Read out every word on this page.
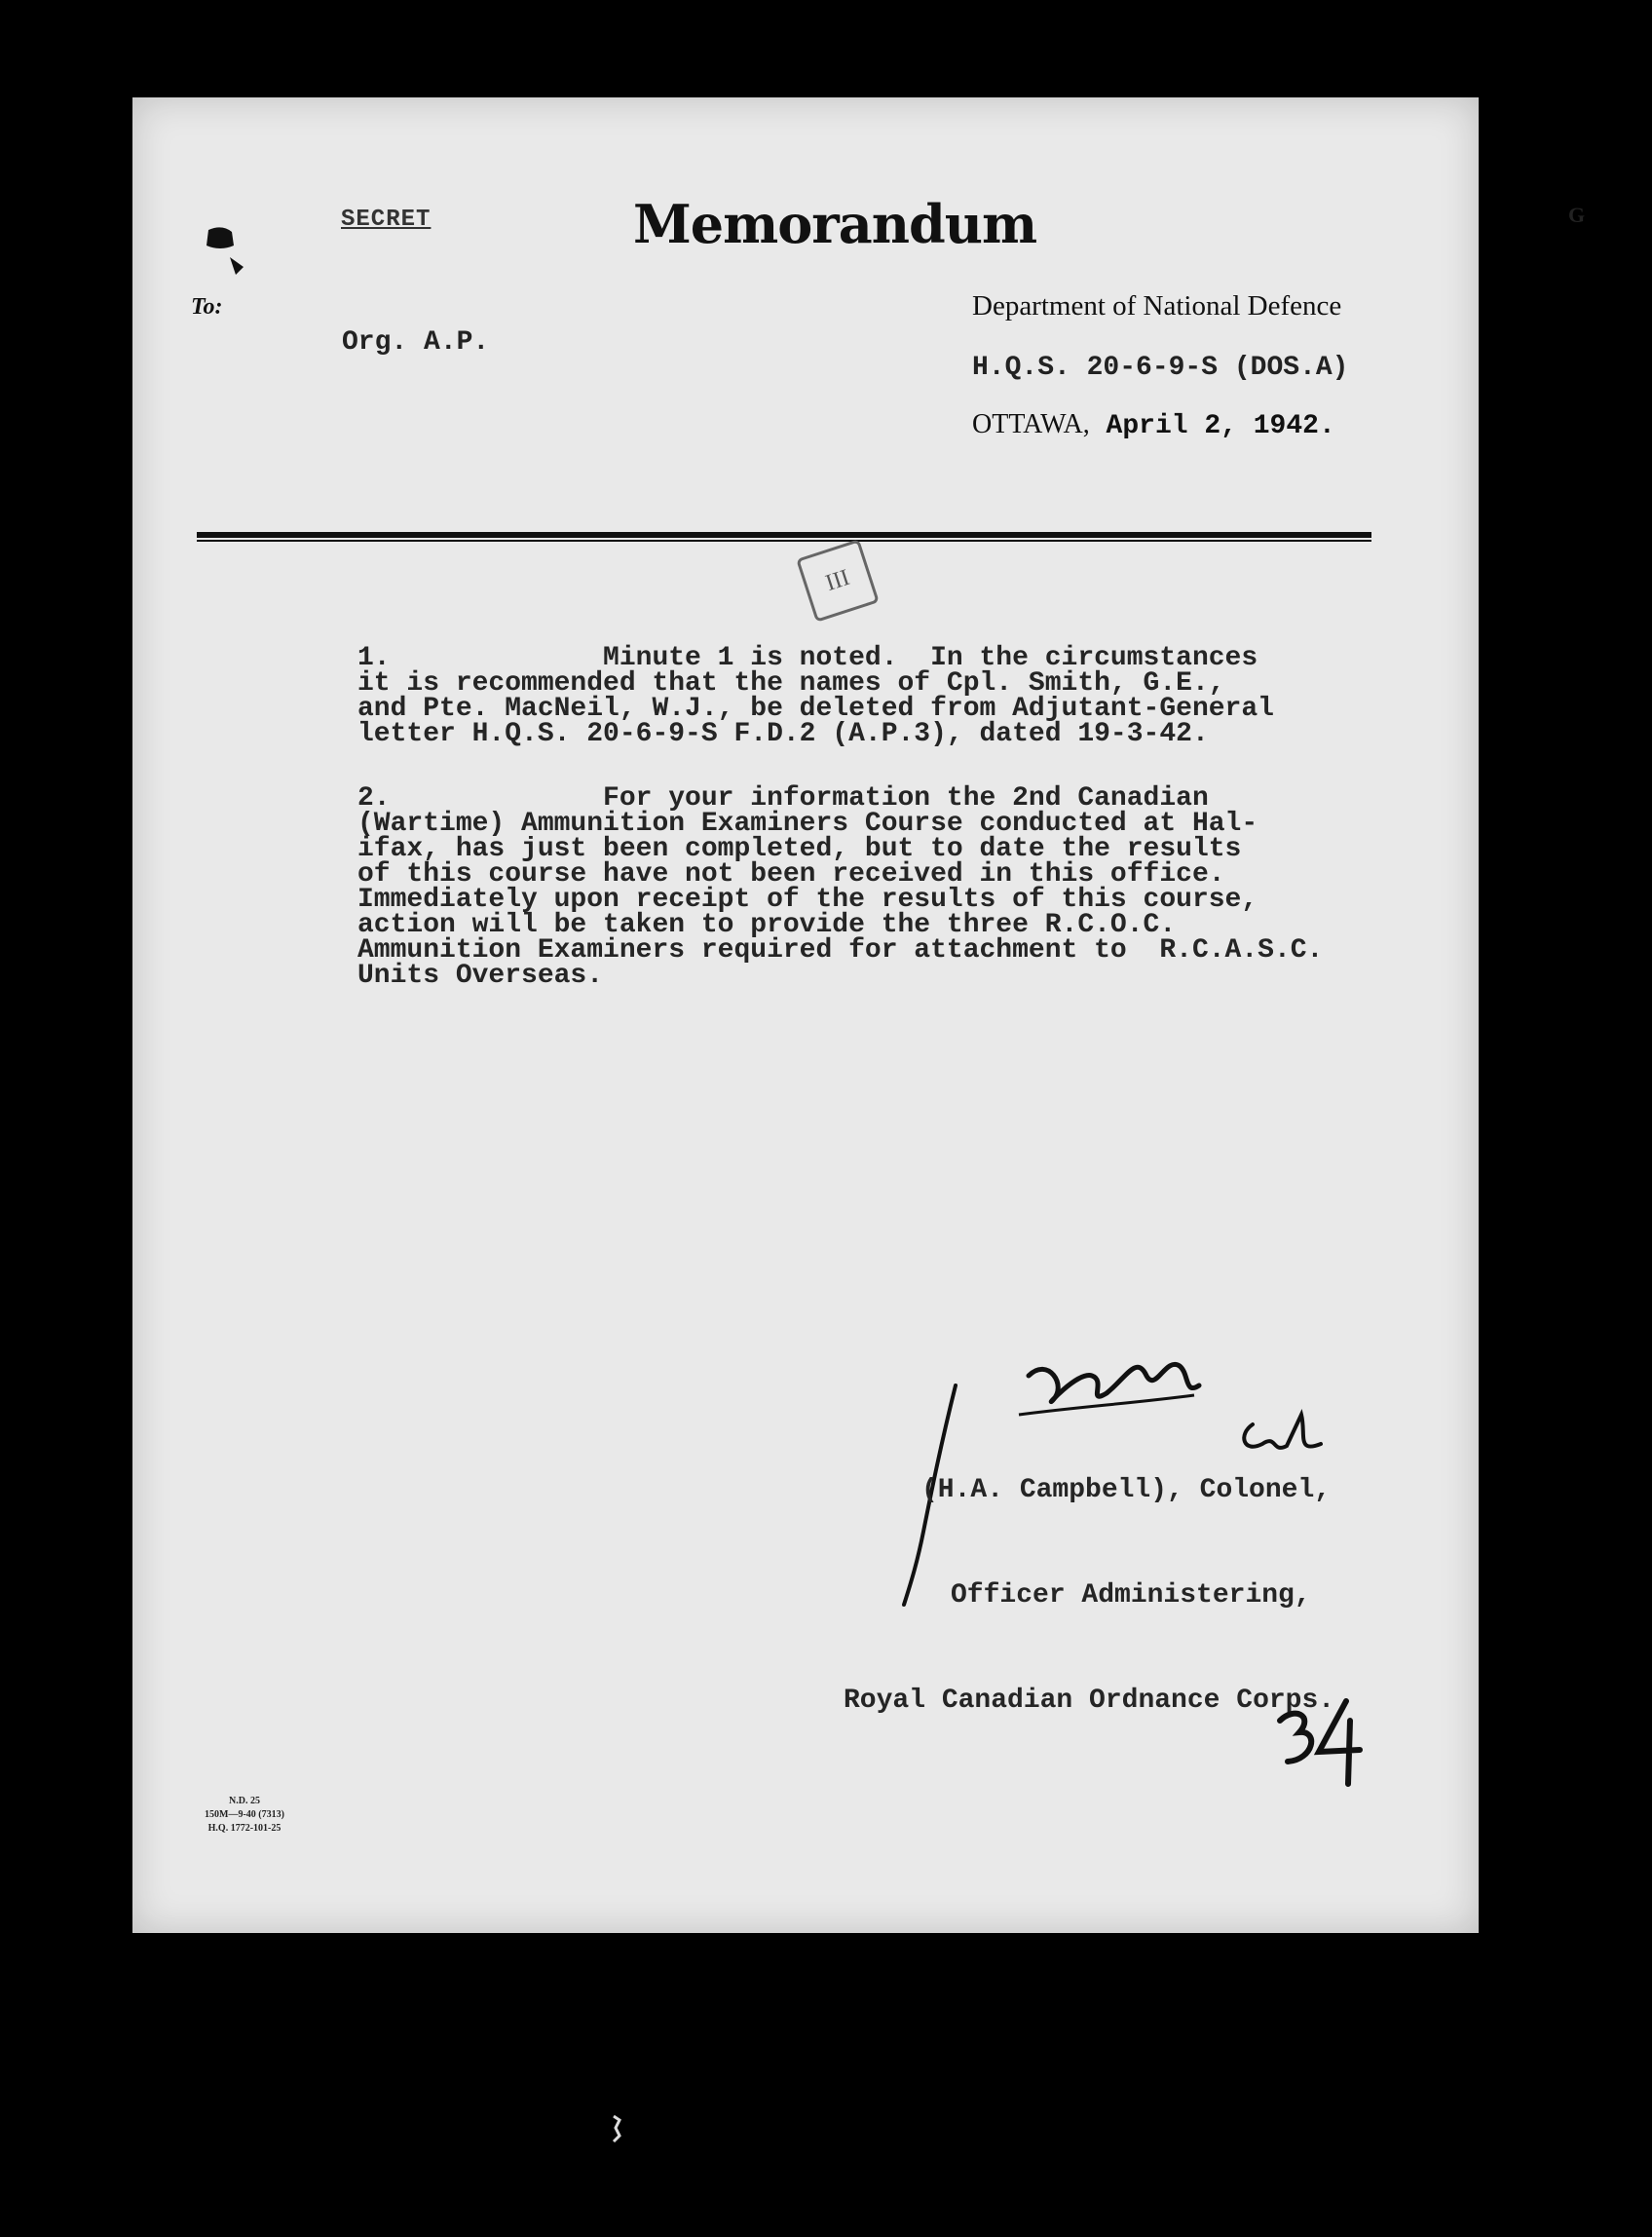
G
SECRET	Memorandum
To:
Org. A.P.
Department of National Defence
H.Q.S. 20-6-9-S (DOS.A)
OTTAWA, April 2, 1942.
III
1.             Minute 1 is noted.  In the circumstances
it is recommended that the names of Cpl. Smith, G.E.,
and Pte. MacNeil, W.J., be deleted from Adjutant-General
letter H.Q.S. 20-6-9-S F.D.2 (A.P.3), dated 19-3-42.
2.             For your information the 2nd Canadian
(Wartime) Ammunition Examiners Course conducted at Hal-
ifax, has just been completed, but to date the results
of this course have not been received in this office.
Immediately upon receipt of the results of this course,
action will be taken to provide the three R.C.O.C.
Ammunition Examiners required for attachment to  R.C.A.S.C.
Units Overseas.

(H.A. Campbell), Colonel,

Officer Administering,

Royal Canadian Ordnance Corps.

N.D. 25
150M—9-40 (7313)
H.Q. 1772-101-25
